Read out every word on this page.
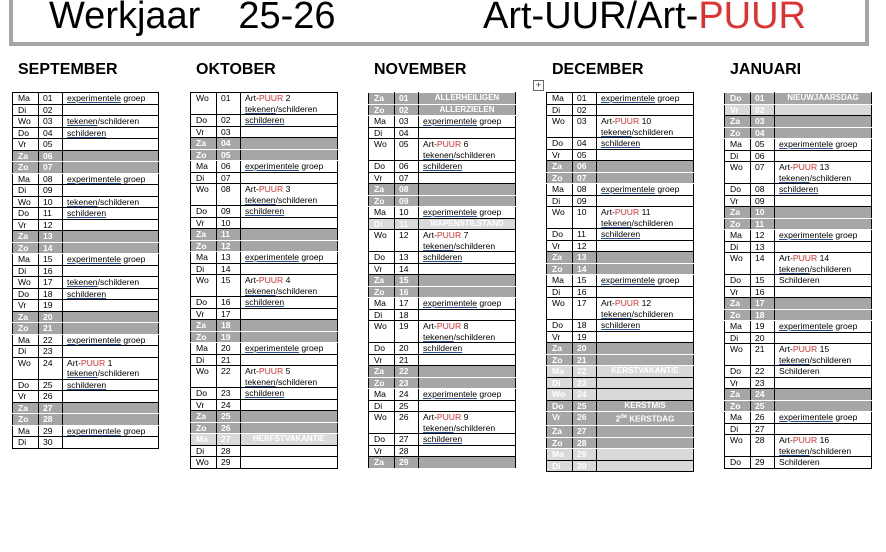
Werkjaar 25-26	Art-UUR/Art-PUUR
+
SEPTEMBER	OKTOBER	NOVEMBER	DECEMBER	JANUARI
Ma	01	experimentele groep
Di	02	
Wo	03	tekenen/schilderen
Do	04	schilderen
Vr	05	
Za	06	
Zo	07	
Ma	08	experimentele groep
Di	09	
Wo	10	tekenen/schilderen
Do	11	schilderen
Vr	12	
Za	13	
Zo	14	
Ma	15	experimentele groep
Di	16	
Wo	17	tekenen/schilderen
Do	18	schilderen
Vr	19	
Za	20	
Zo	21	
Ma	22	experimentele groep
Di	23	
Wo	24	Art-PUUR 1
tekenen/schilderen
Do	25	schilderen
Vr	26	
Za	27	
Zo	28	
Ma	29	experimentele groep
Di	30	
Wo	01	Art-PUUR 2
tekenen/schilderen
Do	02	schilderen
Vr	03	
Za	04	
Zo	05	
Ma	06	experimentele groep
Di	07	
Wo	08	Art-PUUR 3
tekenen/schilderen
Do	09	schilderen
Vr	10	
Za	11	
Zo	12	
Ma	13	experimentele groep
Di	14	
Wo	15	Art-PUUR 4
tekenen/schilderen
Do	16	schilderen
Vr	17	
Za	18	
Zo	19	
Ma	20	experimentele groep
Di	21	
Wo	22	Art-PUUR 5
tekenen/schilderen
Do	23	schilderen
Vr	24	
Za	25	
Zo	26	
Ma	27	HERFSTVAKANTIE
Di	28	
Wo	29	
Za	01	ALLERHEILIGEN
Zo	02	ALLERZIELEN
Ma	03	experimentele groep
Di	04	
Wo	05	Art-PUUR 6
tekenen/schilderen
Do	06	schilderen
Vr	07	
Za	08	
Zo	09	
Ma	10	experimentele groep
Di	11	WAPENSTILSTAND
Wo	12	Art-PUUR 7
tekenen/schilderen
Do	13	schilderen
Vr	14	
Za	15	
Zo	16	
Ma	17	experimentele groep
Di	18	
Wo	19	Art-PUUR 8
tekenen/schilderen
Do	20	schilderen
Vr	21	
Za	22	
Zo	23	
Ma	24	experimentele groep
Di	25	
Wo	26	Art-PUUR 9
tekenen/schilderen
Do	27	schilderen
Vr	28	
Za	29	
Ma	01	experimentele groep
Di	02	
Wo	03	Art-PUUR 10
tekenen/schilderen
Do	04	schilderen
Vr	05	
Za	06	
Zo	07	
Ma	08	experimentele groep
Di	09	
Wo	10	Art-PUUR 11
tekenen/schilderen
Do	11	schilderen
Vr	12	
Za	13	
Zo	14	
Ma	15	experimentele groep
Di	16	
Wo	17	Art-PUUR 12
tekenen/schilderen
Do	18	schilderen
Vr	19	
Za	20	
Zo	21	
Ma	22	KERSTVAKANTIE
Di	23	
Wo	24	
Do	25	KERSTMIS
Vr	26	2de KERSTDAG
Za	27	
Zo	28	
Ma	29	
Di	30	
Do	01	NIEUWJAARSDAG
Vr	02	
Za	03	
Zo	04	
Ma	05	experimentele groep
Di	06	
Wo	07	Art-PUUR 13
tekenen/schilderen
Do	08	schilderen
Vr	09	
Za	10	
Zo	11	
Ma	12	experimentele groep
Di	13	
Wo	14	Art-PUUR 14
tekenen/schilderen
Do	15	Schilderen
Vr	16	
Za	17	
Zo	18	
Ma	19	experimentele groep
Di	20	
Wo	21	Art-PUUR 15
tekenen/schilderen
Do	22	Schilderen
Vr	23	
Za	24	
Zo	25	
Ma	26	experimentele groep
Di	27	
Wo	28	Art-PUUR 16
tekenen/schilderen
Do	29	Schilderen
